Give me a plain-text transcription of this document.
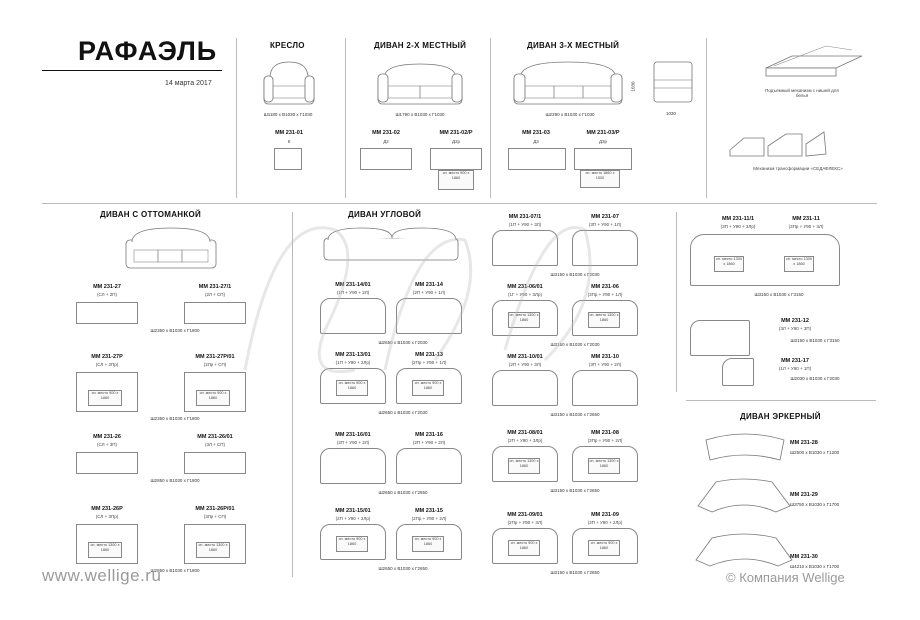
РАФАЭЛЬ
14 марта 2017
КРЕСЛО	ДИВАН 2-Х МЕСТНЫЙ	ДИВАН 3-Х МЕСТНЫЙ
Ш1180 х В1030 х Г1030	Ш1790 х В1030 х Г1030	Ш2290 х В1030 х Г1030
1030
1030
Подъемный механизм с нишей для белья
Механизм трансформации «СЕДАФЛЕКС»
ММ 231-01
К
ММ 231-02
Д2
ММ 231-02/Р
Д2р
сп. место 900 х 1860
ММ 231-03
Д3
ММ 231-03/Р
Д3р
сп. место 1860 х 1500
ДИВАН С ОТТОМАНКОЙ
ММ 231-27
(СЛ + 2П)
ММ 231-27/1
(2Л + СП)
Ш2350 х В1030 х Г1800
ММ 231-27Р
(СЛ + 2Пр)
сп. место 900 х 1860
ММ 231-27Р/01
(2Лр + СП)
сп. место 900 х 1860
Ш2350 х В1030 х Г1800
ММ 231-26
(СЛ + 3П)
ММ 231-26/01
(3Л + СП)
Ш2850 х В1030 х Г1800
ММ 231-26Р
(СЛ + 3Пр)
сп. место 1300 х 1860
ММ 231-26Р/01
(3Лр + СП)
сп. место 1300 х 1860
Ш2850 х В1030 х Г1800
ДИВАН УГЛОВОЙ
ММ 231-14/01
(1П + У90 + 2Л)
ММ 231-14
(2П + У90 + 1Л)
Ш2650 х В1030 х Г2030
ММ 231-13/01
(1П + У90 + 2Лр)
сп. место 900 х 1860
ММ 231-13
(2Пр + У90 + 1Л)
сп. место 900 х 1860
Ш2650 х В1030 х Г2030
ММ 231-16/01
(2П + У90 + 2Л)
ММ 231-16
(2П + У90 + 2Л)
Ш2650 х В1030 х Г2650
ММ 231-15/01
(2П + У90 + 2Лр)
сп. место 900 х 1860
ММ 231-15
(2Пр + У90 + 2Л)
сп. место 900 х 1860
Ш2650 х В1030 х Г2650
ММ 231-07/1
(1П + У90 + 3Л)
ММ 231-07
(3П + У90 + 1Л)
Ш3150 х В1030 х Г2030
ММ 231-06/01
(1Г + У90 + 3Лр)
сп. место 1300 х 1860
ММ 231-06
(3Пр + У90 + 1Л)
сп. место 1300 х 1860
Ш3150 х В1030 х Г2030
ММ 231-10/01
(2П + У90 + 3Л)
ММ 231-10
(3П + У90 + 2Л)
Ш3150 х В1030 х Г2650
ММ 231-08/01
(2П + У90 + 3Лр)
сп. место 1300 х 1860
ММ 231-08
(3Пр + У90 + 2Л)
сп. место 1300 х 1860
Ш3150 х В1030 х Г2650
ММ 231-09/01
(2Пр + У90 + 3Л)
сп. место 900 х 1860
ММ 231-09
(3П + У90 + 2Лр)
сп. место 900 х 1860
Ш3150 х В1030 х Г2650
ММ 231-11/1
(3П + У90 + 3Лр)
ММ 231-11
(3Пр + У90 + 3Л)
сп. место 1300 х 1860
сп. место 1300 х 1860
Ш3150 х В1030 х Г3150
ММ 231-12
(3Л + У90 + 3П)
Ш3150 х В1030 х Г3150
ММ 231-17
(1Л + У90 + 1П)
Ш2030 х В1030 х Г2030
ДИВАН ЭРКЕРНЫЙ
ММ 231-28
Ш2500 х В1030 х Г1200
ММ 231-29
Ш3750 х В1030 х Г1700
ММ 231-30
Ш4210 х В1030 х Г1700
www.wellige.ru	© Компания Wellige
